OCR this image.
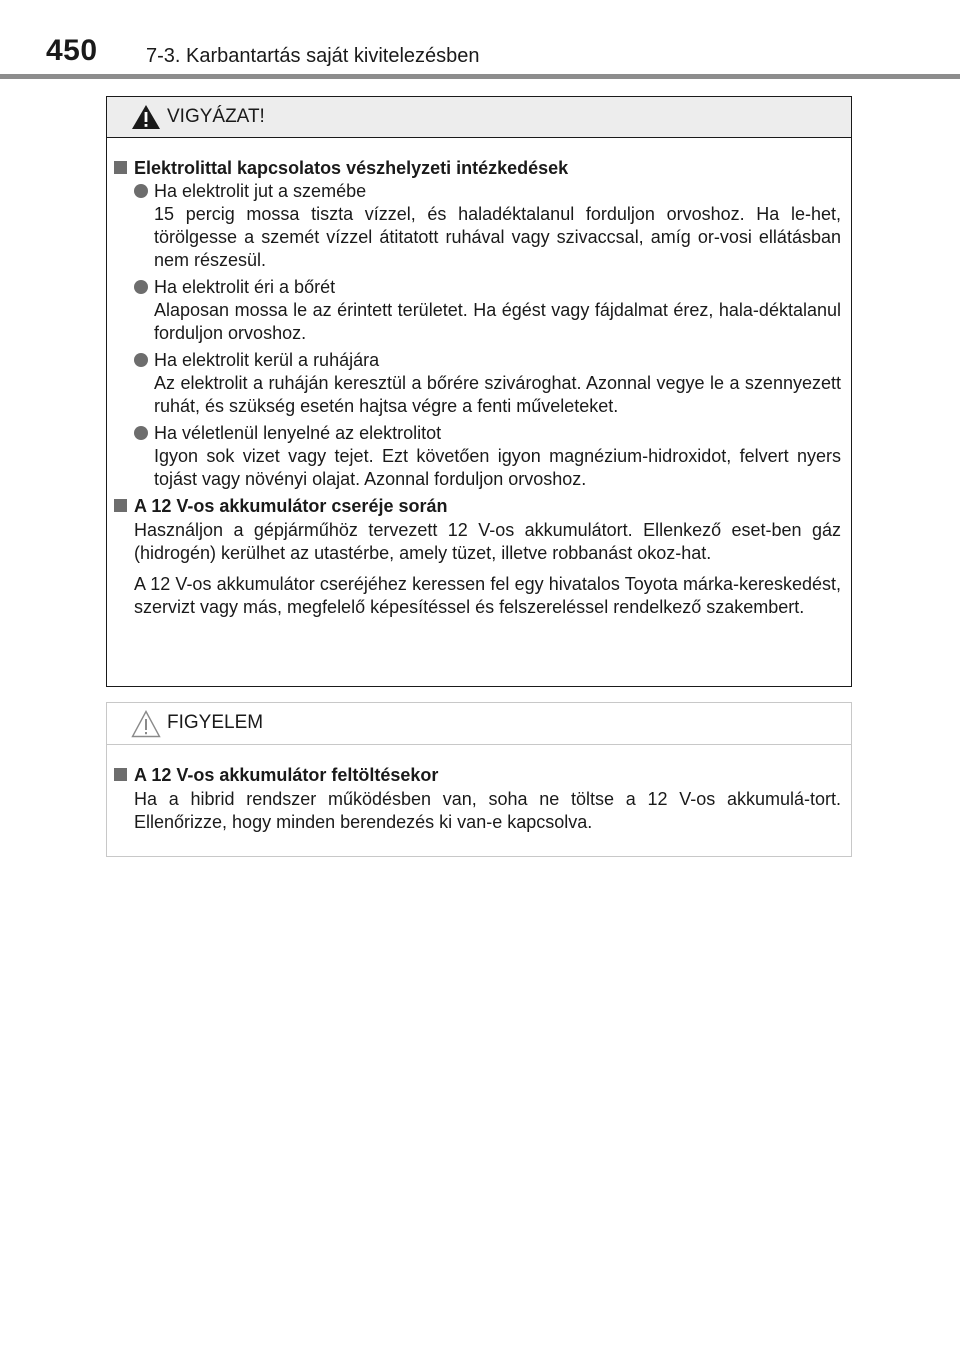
450 7-3. Karbantartás saját kivitelezésben
VIGYÁZAT!
Elektrolittal kapcsolatos vészhelyzeti intézkedések
Ha elektrolit jut a szemébe
15 percig mossa tiszta vízzel, és haladéktalanul forduljon orvoshoz. Ha le-het, törölgesse a szemét vízzel átitatott ruhával vagy szivaccsal, amíg or-vosi ellátásban nem részesül.
Ha elektrolit éri a bőrét
Alaposan mossa le az érintett területet. Ha égést vagy fájdalmat érez, hala-déktalanul forduljon orvoshoz.
Ha elektrolit kerül a ruhájára
Az elektrolit a ruháján keresztül a bőrére szivároghat. Azonnal vegye le a szennyezett ruhát, és szükség esetén hajtsa végre a fenti műveleteket.
Ha véletlenül lenyelné az elektrolitot
Igyon sok vizet vagy tejet. Ezt követően igyon magnézium-hidroxidot, felvert nyers tojást vagy növényi olajat. Azonnal forduljon orvoshoz.
A 12 V-os akkumulátor cseréje során
Használjon a gépjárműhöz tervezett 12 V-os akkumulátort. Ellenkező eset-ben gáz (hidrogén) kerülhet az utastérbe, amely tüzet, illetve robbanást okoz-hat.
A 12 V-os akkumulátor cseréjéhez keressen fel egy hivatalos Toyota márka-kereskedést, szervizt vagy más, megfelelő képesítéssel és felszereléssel rendelkező szakembert.
FIGYELEM
A 12 V-os akkumulátor feltöltésekor
Ha a hibrid rendszer működésben van, soha ne töltse a 12 V-os akkumulá-tort. Ellenőrizze, hogy minden berendezés ki van-e kapcsolva.
